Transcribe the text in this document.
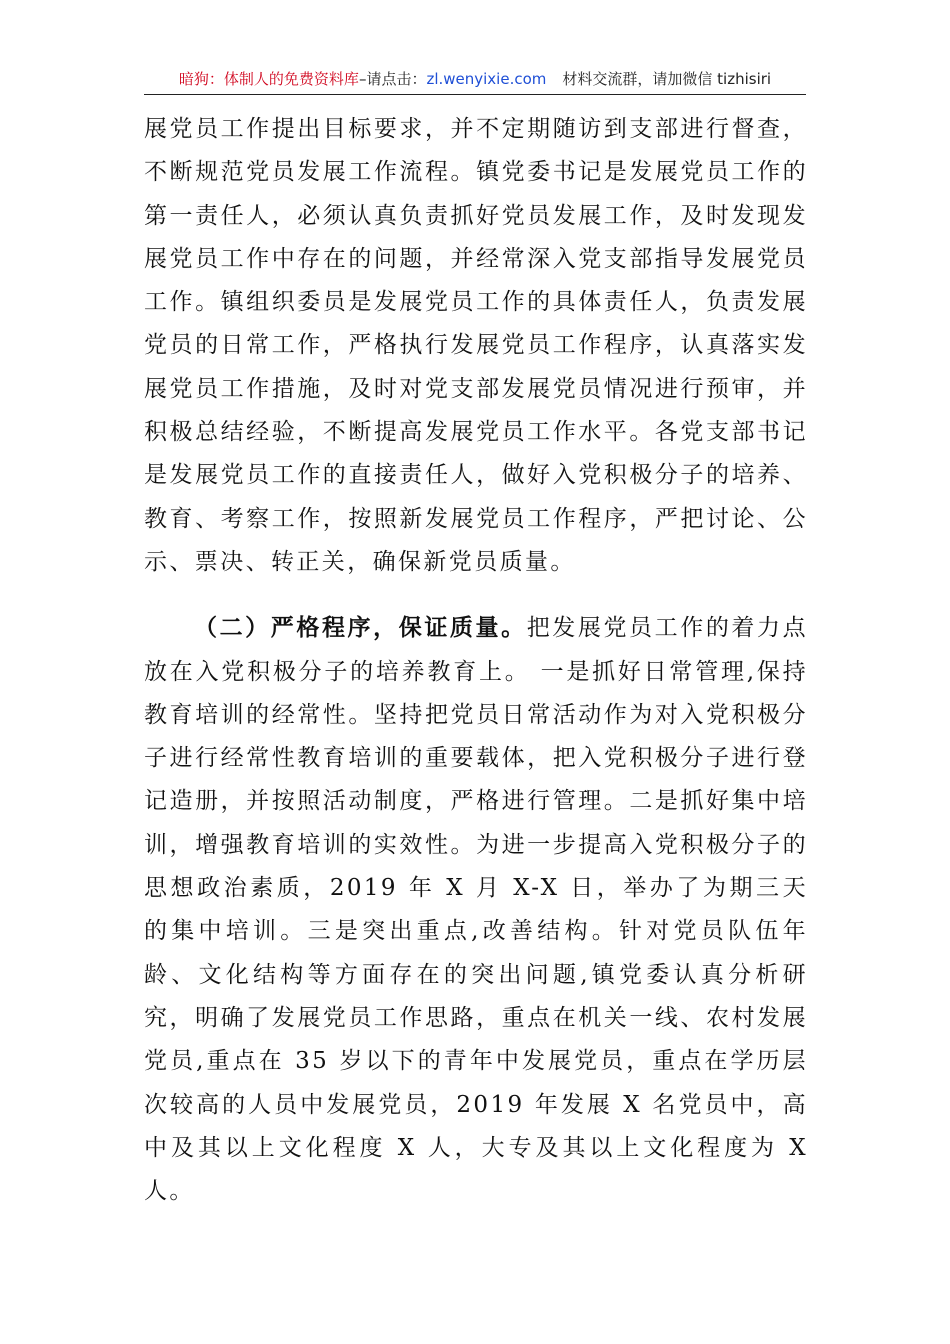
暗狗：体制人的免费资料库–请点击：zl.wenyixie.com 材料交流群，请加微信 tizhisiri

展党员工作提出目标要求，并不定期随访到支部进行督查，不断规范党员发展工作流程。镇党委书记是发展党员工作的第一责任人，必须认真负责抓好党员发展工作，及时发现发展党员工作中存在的问题，并经常深入党支部指导发展党员工作。镇组织委员是发展党员工作的具体责任人，负责发展党员的日常工作，严格执行发展党员工作程序，认真落实发展党员工作措施，及时对党支部发展党员情况进行预审，并积极总结经验，不断提高发展党员工作水平。各党支部书记是发展党员工作的直接责任人，做好入党积极分子的培养、教育、考察工作，按照新发展党员工作程序，严把讨论、公示、票决、转正关，确保新党员质量。

（二）严格程序，保证质量。把发展党员工作的着力点放在入党积极分子的培养教育上。 一是抓好日常管理,保持教育培训的经常性。坚持把党员日常活动作为对入党积极分子进行经常性教育培训的重要载体，把入党积极分子进行登记造册，并按照活动制度，严格进行管理。二是抓好集中培训，增强教育培训的实效性。为进一步提高入党积极分子的思想政治素质，2019 年 X 月 X-X 日，举办了为期三天的集中培训。三是突出重点,改善结构。针对党员队伍年龄、文化结构等方面存在的突出问题,镇党委认真分析研究，明确了发展党员工作思路，重点在机关一线、农村发展党员,重点在 35 岁以下的青年中发展党员，重点在学历层次较高的人员中发展党员，2019 年发展 X 名党员中，高中及其以上文化程度 X 人，大专及其以上文化程度为 X 人。
